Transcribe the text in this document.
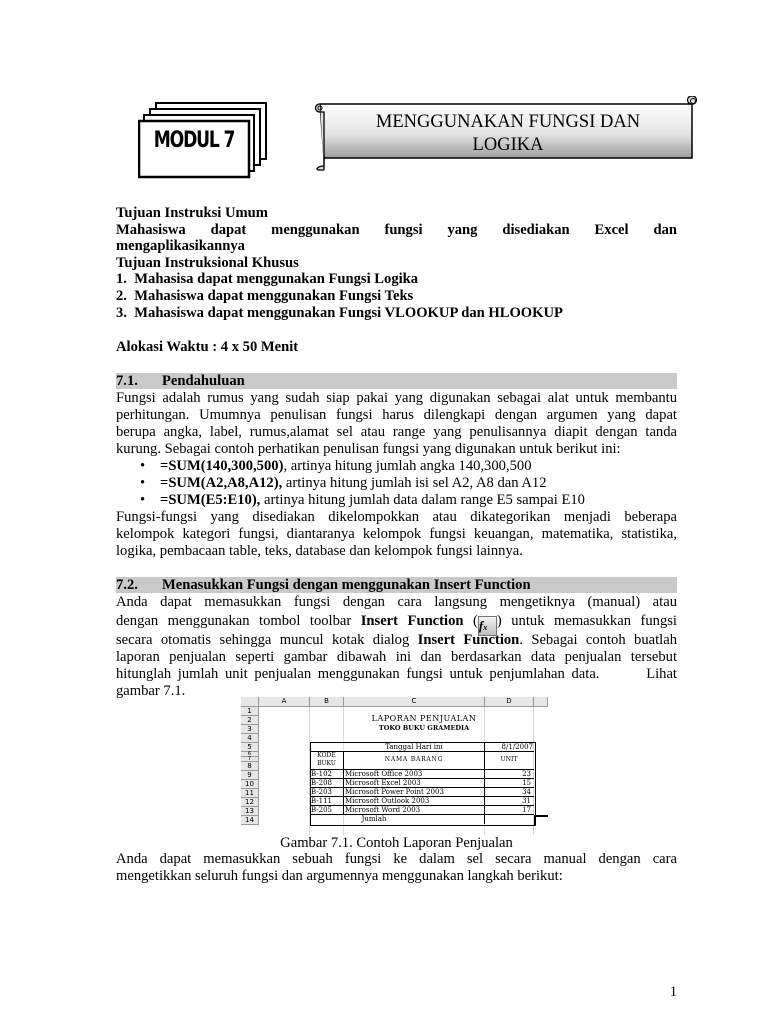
MODUL 7
MENGGUNAKAN FUNGSI DAN
LOGIKA
Tujuan Instruksi Umum
Mahasiswa dapat menggunakan fungsi yang disediakan Excel dan
mengaplikasikannya
Tujuan Instruksional Khusus
1.  Mahasisa dapat menggunakan Fungsi Logika
2.  Mahasiswa dapat menggunakan Fungsi Teks
3.  Mahasiswa dapat menggunakan Fungsi VLOOKUP dan HLOOKUP
Alokasi Waktu : 4 x 50 Menit
7.1. Pendahuluan
Fungsi adalah rumus yang sudah siap pakai yang digunakan sebagai alat untuk membantu
perhitungan. Umumnya penulisan fungsi harus dilengkapi dengan argumen yang dapat
berupa angka, label, rumus,alamat sel atau range yang penulisannya diapit dengan tanda
kurung. Sebagai contoh perhatikan penulisan fungsi yang digunakan untuk berikut ini:
• =SUM(140,300,500), artinya hitung jumlah angka 140,300,500
• =SUM(A2,A8,A12), artinya hitung jumlah isi sel A2, A8 dan A12
• =SUM(E5:E10), artinya hitung jumlah data dalam range E5 sampai E10
Fungsi-fungsi yang disediakan dikelompokkan atau dikategorikan menjadi beberapa
kelompok kategori fungsi, diantaranya kelompok fungsi keuangan, matematika, statistika,
logika, pembacaan table, teks, database dan kelompok fungsi lainnya.
7.2. Menasukkan Fungsi dengan menggunakan Insert Function
Anda dapat memasukkan fungsi dengan cara langsung mengetiknya (manual) atau
dengan menggunakan tombol toolbar Insert Function (fx ) untuk memasukkan fungsi
secara otomatis sehingga muncul kotak dialog Insert Function. Sebagai contoh buatlah
laporan penjualan seperti gambar dibawah ini dan berdasarkan data penjualan tersebut
hitunglah jumlah unit penjualan menggunakan fungsi untuk penjumlahan data.       Lihat
gambar 7.1.
A	B	C	D
1
2
3
4
5
6
7
8
9
10
11
12
13
14
LAPORAN PENJUALAN
TOKO BUKU GRAMEDIA
Tanggal Hari ini	8/1/2007
KODE
BUKU
NAMA BARANG	UNIT
B-102	Microsoft Office 2003	23
B-208	Microsoft Excel 2003	15
B-203	Microsoft Power Point 2003	34
B-111	Microsoft Outlook 2003	31
B-205	Microsoft Word 2003	17
Jumlah
Gambar 7.1. Contoh Laporan Penjualan
Anda dapat memasukkan sebuah fungsi ke dalam sel secara manual dengan cara
mengetikkan seluruh fungsi dan argumennya menggunakan langkah berikut:
1
